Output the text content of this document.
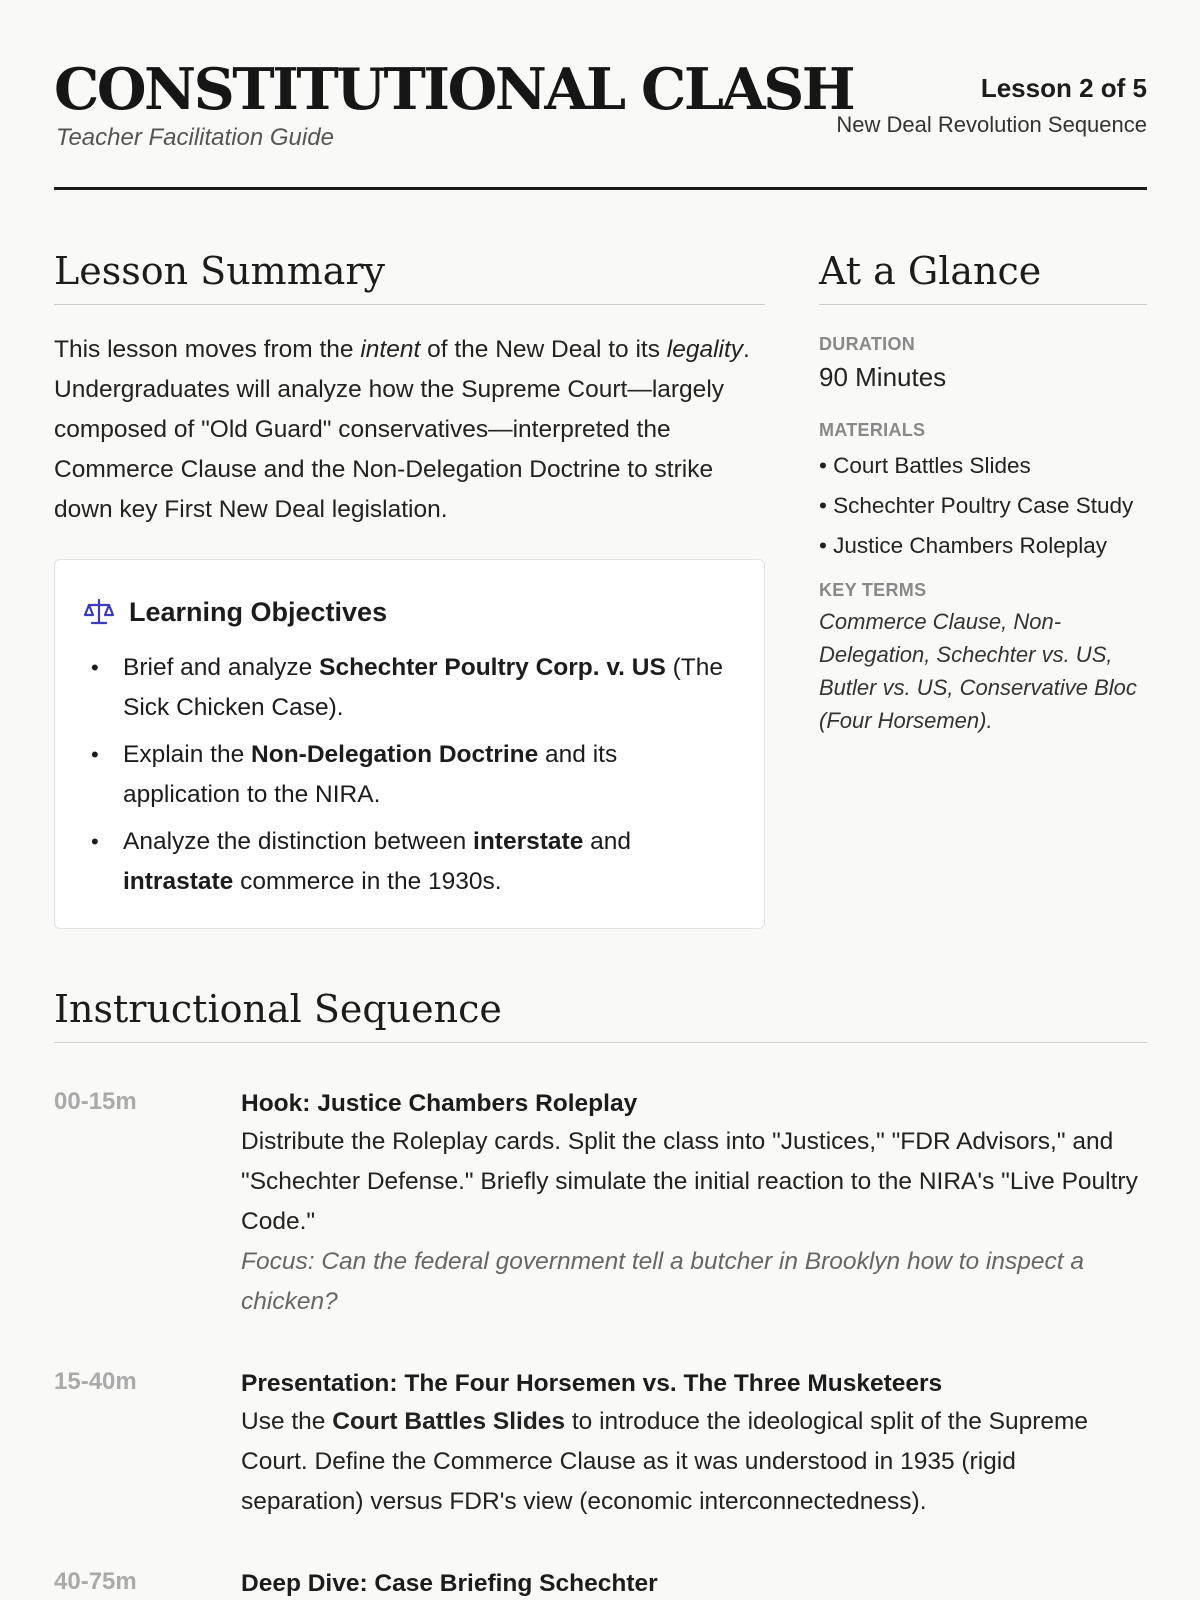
CONSTITUTIONAL CLASH
Teacher Facilitation Guide
Lesson 2 of 5
New Deal Revolution Sequence
Lesson Summary

This lesson moves from the intent of the New Deal to its legality. Undergraduates will analyze how the Supreme Court—largely composed of "Old Guard" conservatives—interpreted the Commerce Clause and the Non-Delegation Doctrine to strike down key First New Deal legislation.

Learning Objectives
• Brief and analyze Schechter Poultry Corp. v. US (The Sick Chicken Case).
• Explain the Non-Delegation Doctrine and its application to the NIRA.
• Analyze the distinction between interstate and intrastate commerce in the 1930s.
At a Glance
DURATION
90 Minutes
MATERIALS
• Court Battles Slides
• Schechter Poultry Case Study
• Justice Chambers Roleplay
KEY TERMS
Commerce Clause, Non-Delegation, Schechter vs. US, Butler vs. US, Conservative Bloc (Four Horsemen).
Instructional Sequence
00-15m	Hook: Justice Chambers Roleplay
Distribute the Roleplay cards. Split the class into "Justices," "FDR Advisors," and "Schechter Defense." Briefly simulate the initial reaction to the NIRA's "Live Poultry Code."
Focus: Can the federal government tell a butcher in Brooklyn how to inspect a chicken?
15-40m	Presentation: The Four Horsemen vs. The Three Musketeers
Use the Court Battles Slides to introduce the ideological split of the Supreme Court. Define the Commerce Clause as it was understood in 1935 (rigid separation) versus FDR's view (economic interconnectedness).
40-75m	Deep Dive: Case Briefing Schechter
